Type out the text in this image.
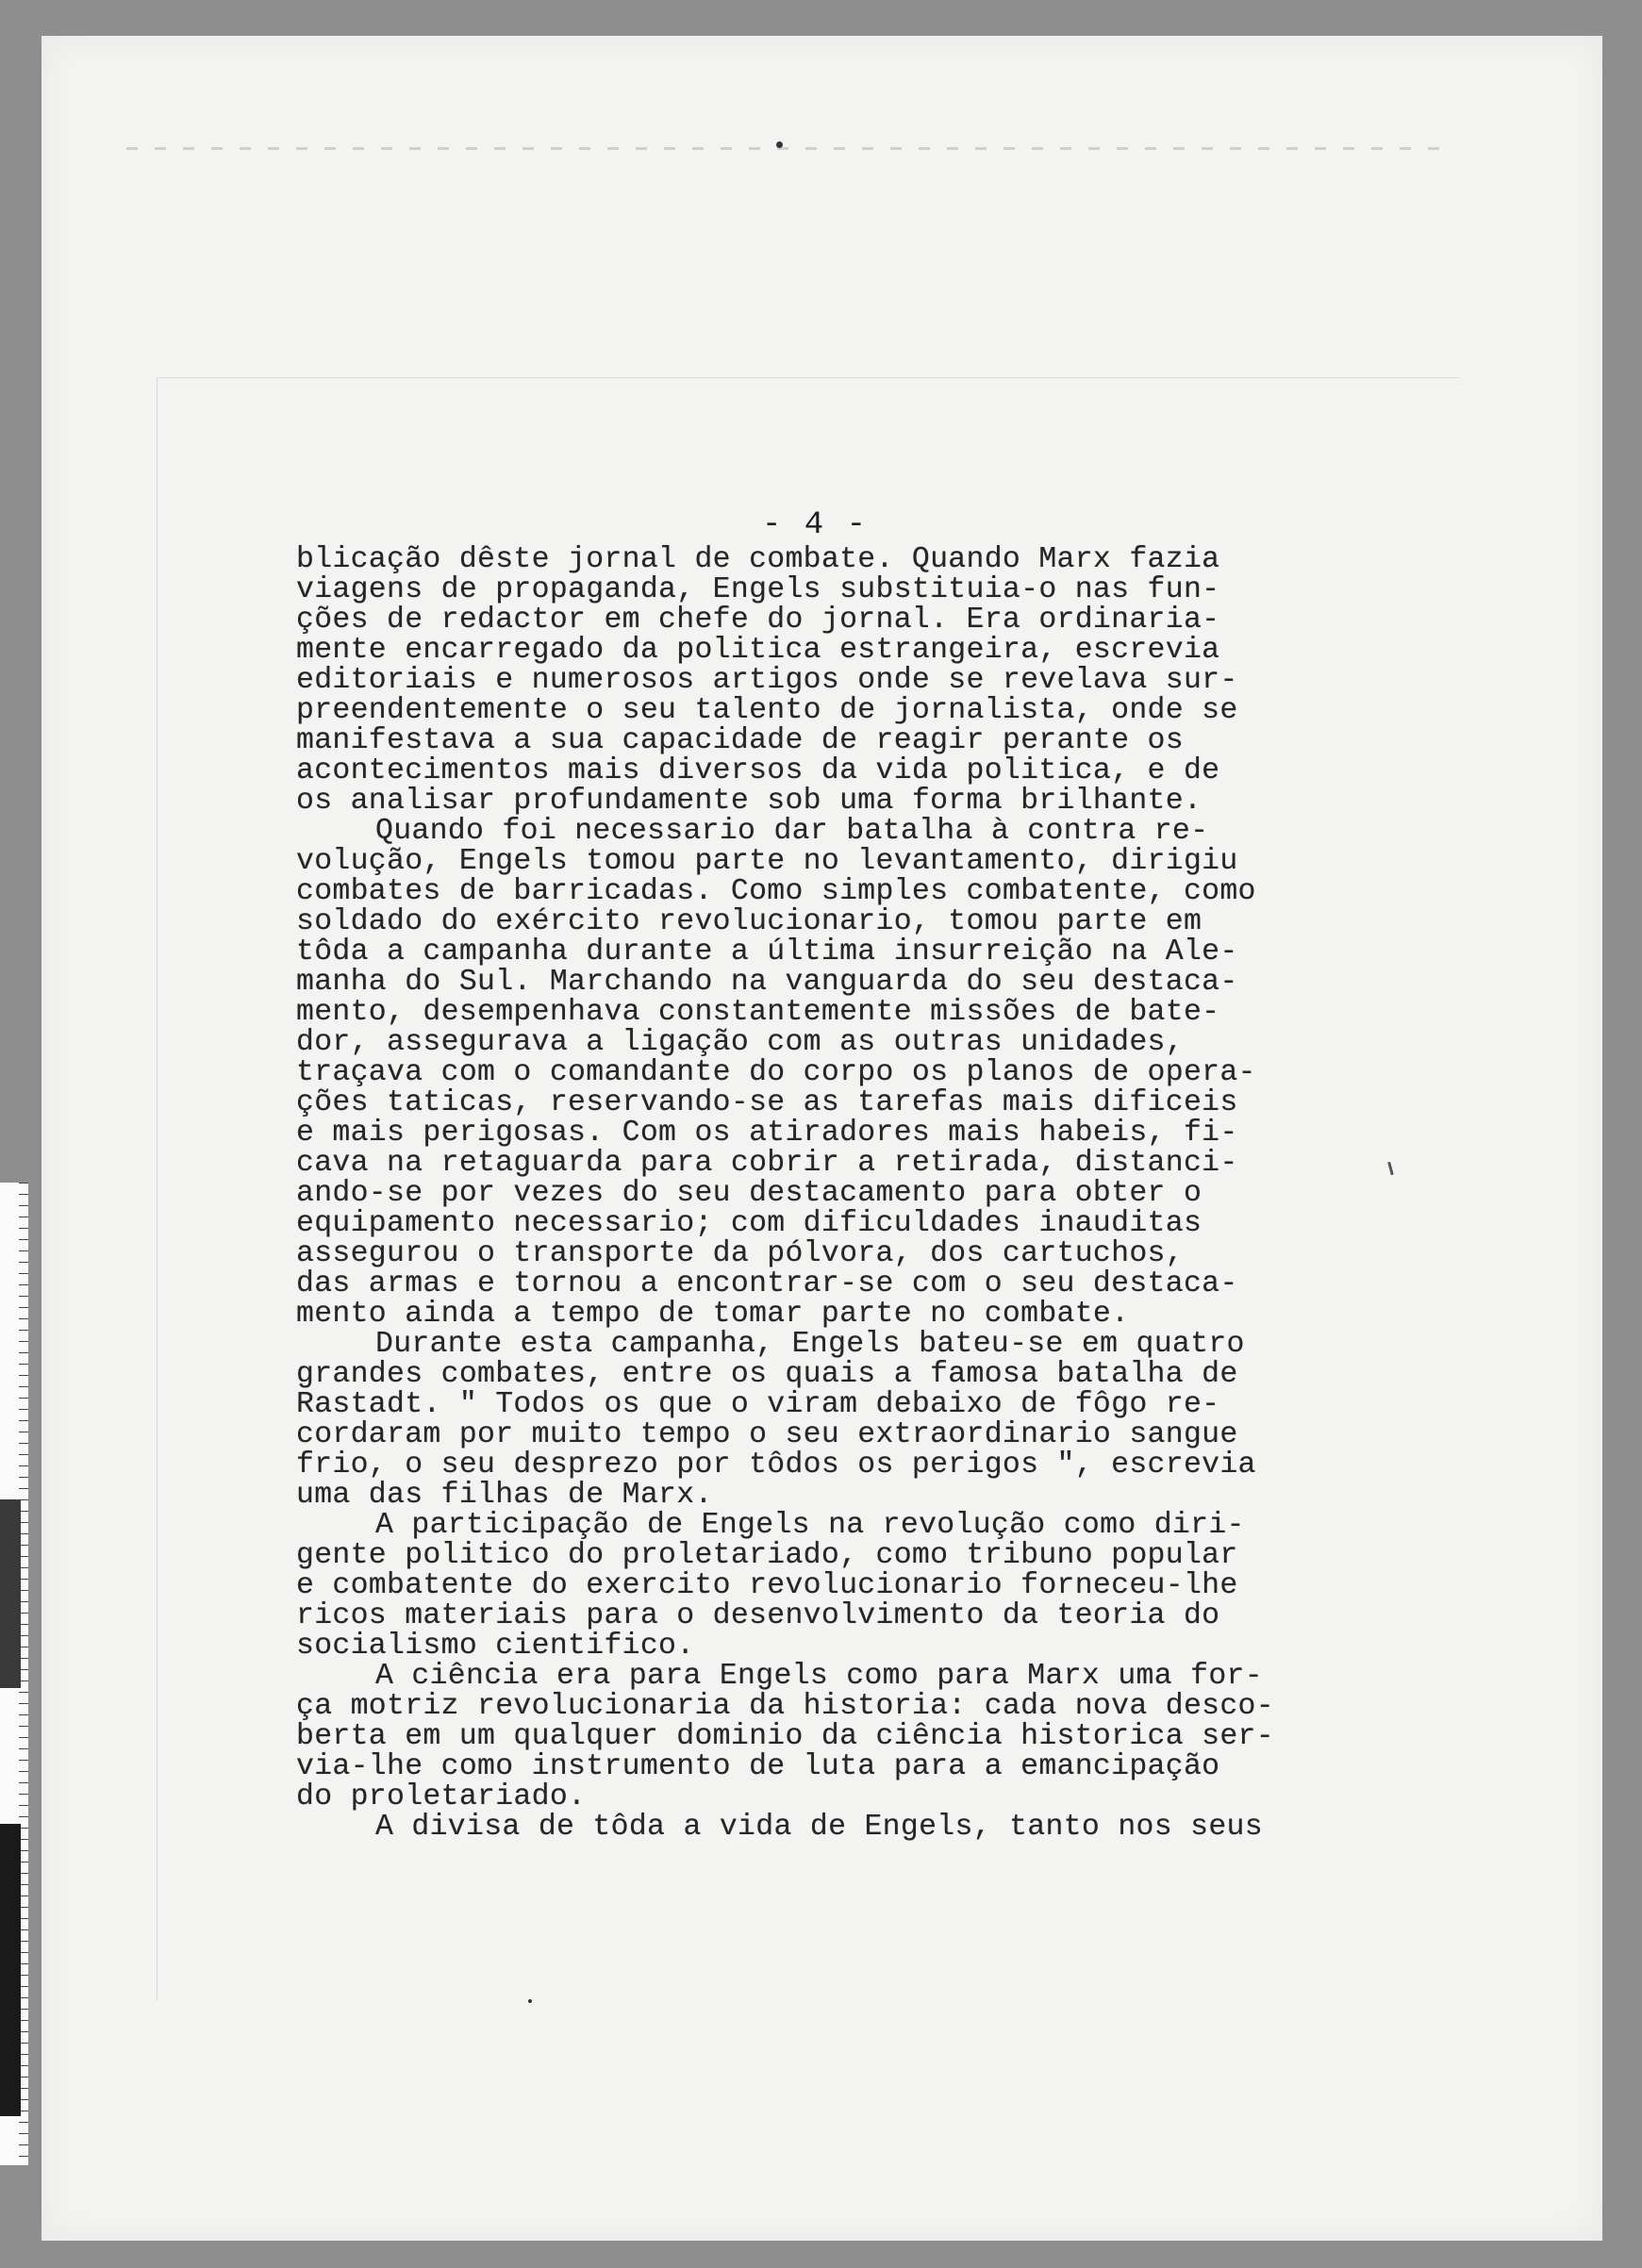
- 4 -
blicação dêste jornal de combate. Quando Marx fazia
viagens de propaganda, Engels substituia-o nas fun-
ções de redactor em chefe do jornal. Era ordinaria-
mente encarregado da politica estrangeira, escrevia
editoriais e numerosos artigos onde se revelava sur-
preendentemente o seu talento de jornalista, onde se
manifestava a sua capacidade de reagir perante os
acontecimentos mais diversos da vida politica, e de
os analisar profundamente sob uma forma brilhante.
Quando foi necessario dar batalha à contra re-
volução, Engels tomou parte no levantamento, dirigiu
combates de barricadas. Como simples combatente, como
soldado do exército revolucionario, tomou parte em
tôda a campanha durante a última insurreição na Ale-
manha do Sul. Marchando na vanguarda do seu destaca-
mento, desempenhava constantemente missões de bate-
dor, assegurava a ligação com as outras unidades,
traçava com o comandante do corpo os planos de opera-
ções taticas, reservando-se as tarefas mais dificeis
e mais perigosas. Com os atiradores mais habeis, fi-
cava na retaguarda para cobrir a retirada, distanci-
ando-se por vezes do seu destacamento para obter o
equipamento necessario; com dificuldades inauditas
assegurou o transporte da pólvora, dos cartuchos,
das armas e tornou a encontrar-se com o seu destaca-
mento ainda a tempo de tomar parte no combate.
Durante esta campanha, Engels bateu-se em quatro
grandes combates, entre os quais a famosa batalha de
Rastadt. " Todos os que o viram debaixo de fôgo re-
cordaram por muito tempo o seu extraordinario sangue
frio, o seu desprezo por tôdos os perigos ", escrevia
uma das filhas de Marx.
A participação de Engels na revolução como diri-
gente politico do proletariado, como tribuno popular
e combatente do exercito revolucionario forneceu-lhe
ricos materiais para o desenvolvimento da teoria do
socialismo cientifico.
A ciência era para Engels como para Marx uma for-
ça motriz revolucionaria da historia: cada nova desco-
berta em um qualquer dominio da ciência historica ser-
via-lhe como instrumento de luta para a emancipação
do proletariado.
A divisa de tôda a vida de Engels, tanto nos seus
